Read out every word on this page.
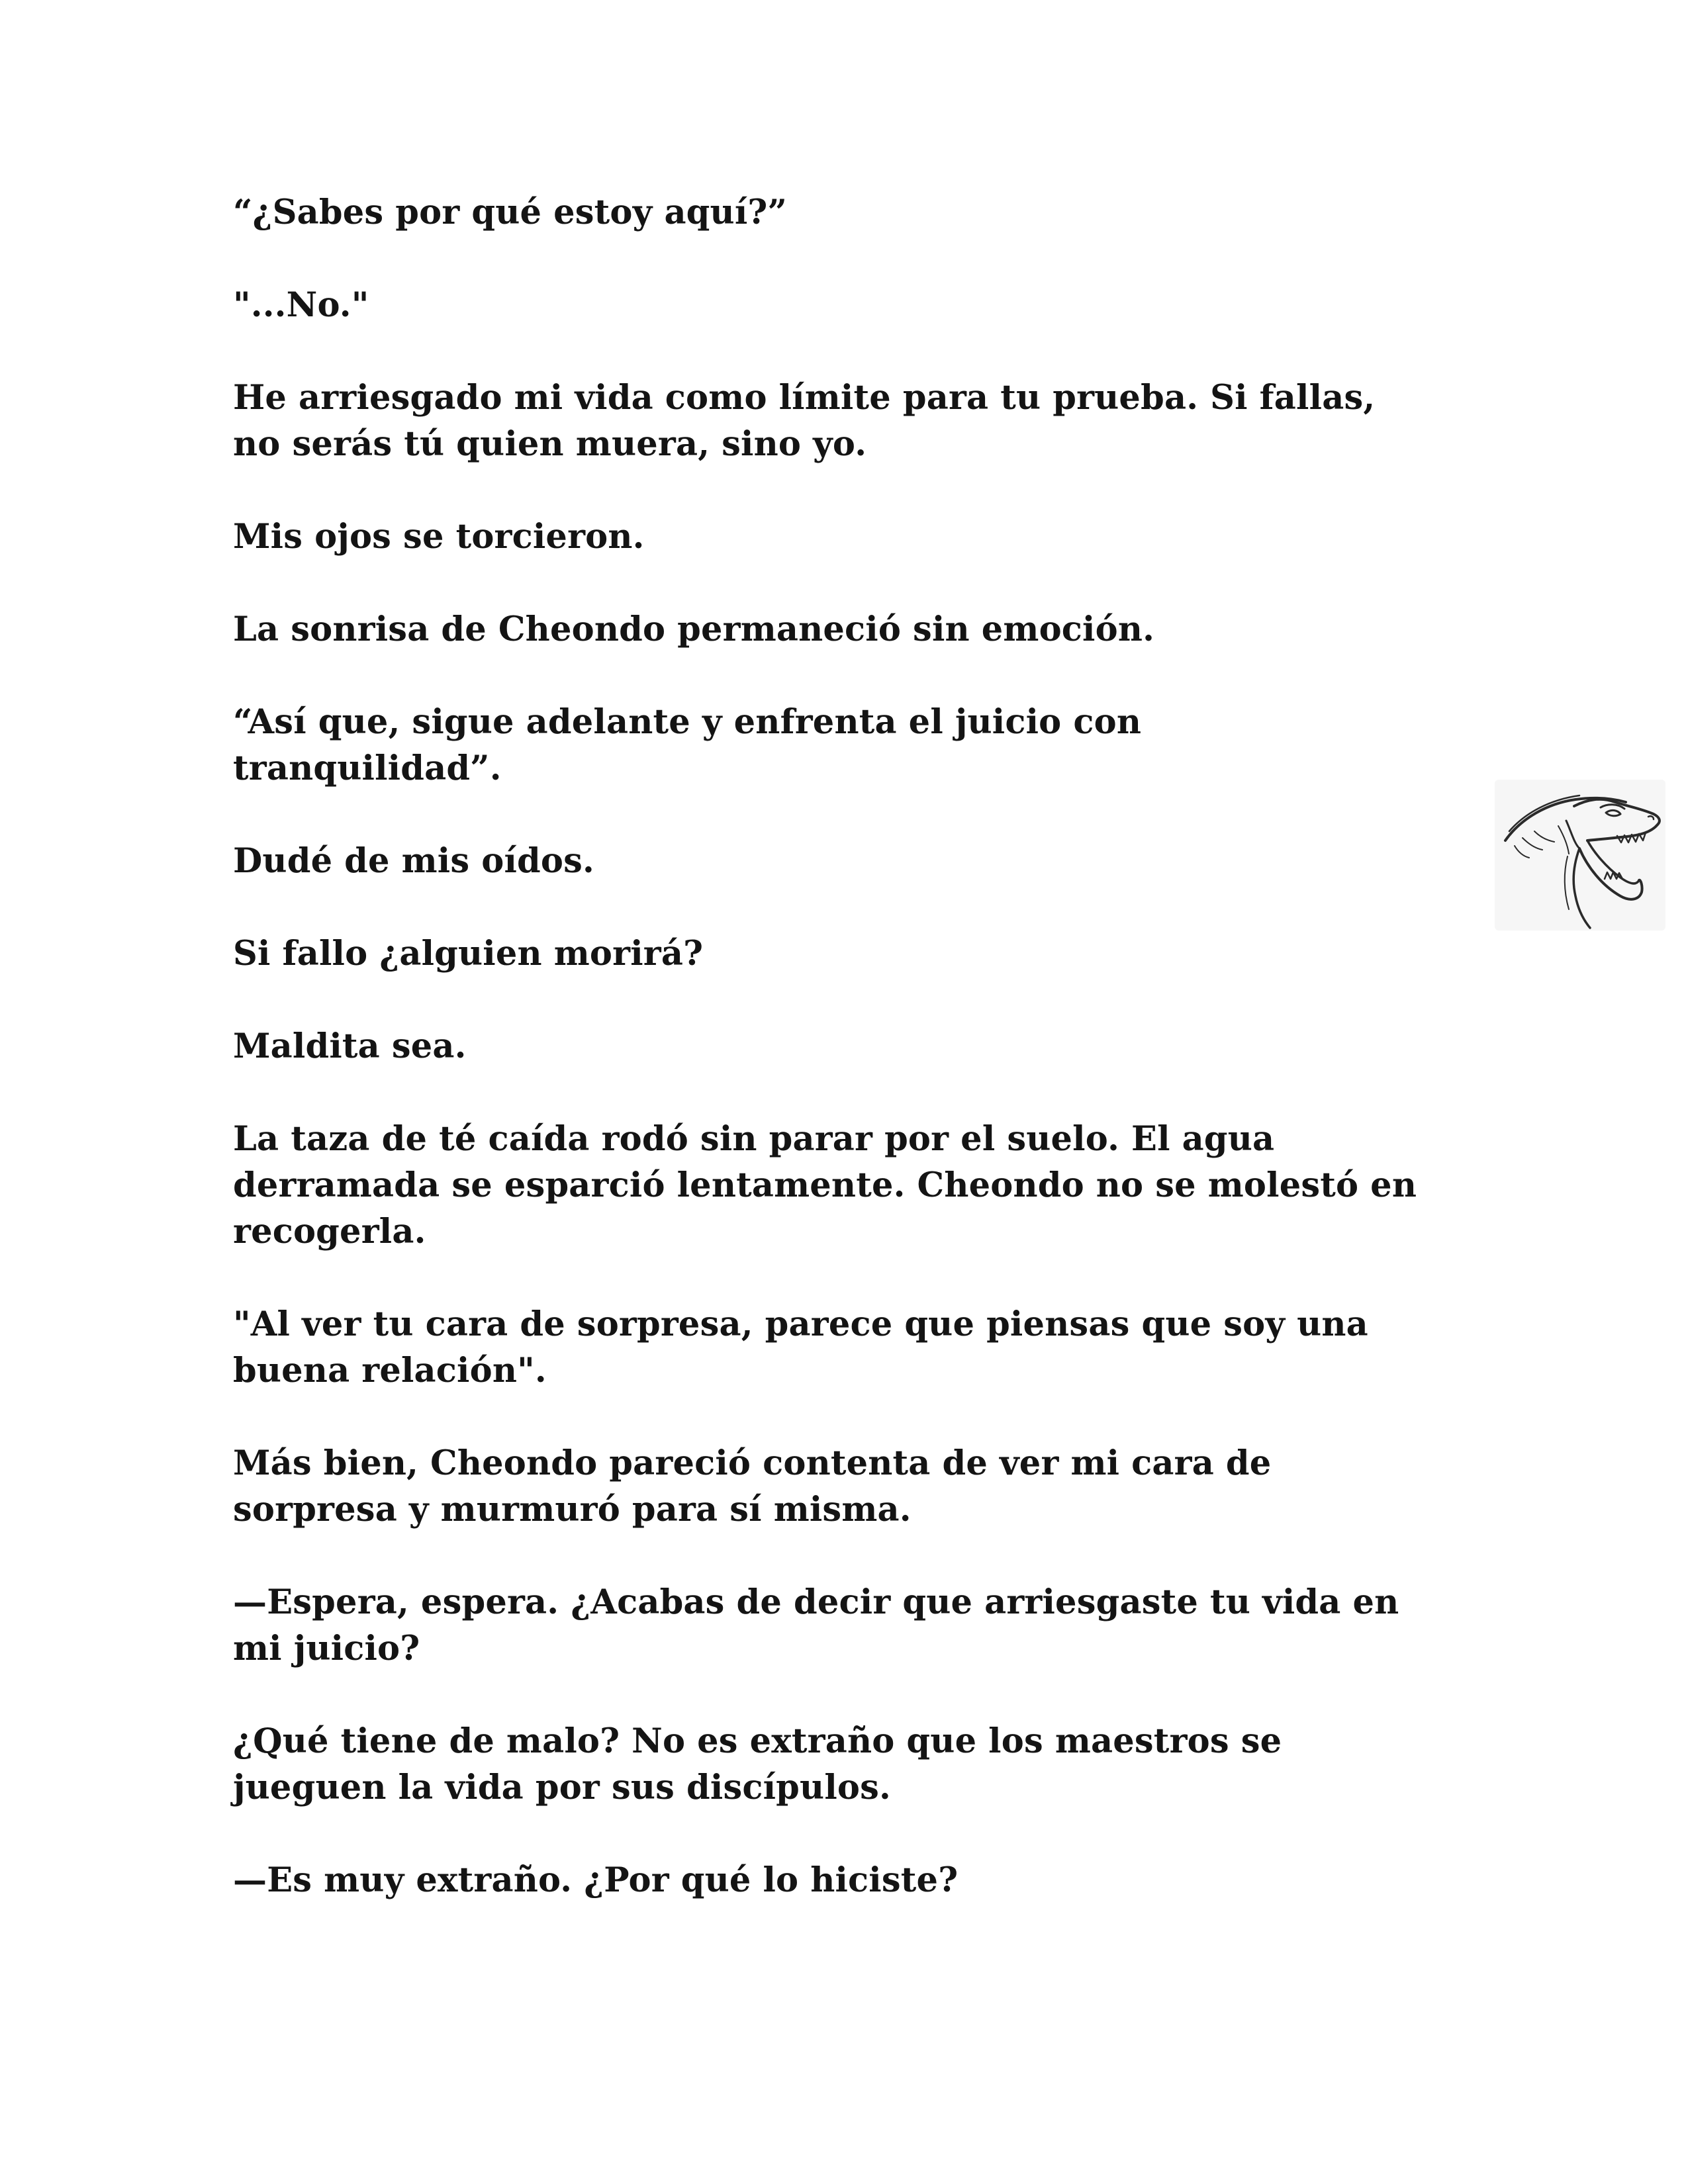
“¿Sabes por qué estoy aquí?”

"...No."

He arriesgado mi vida como límite para tu prueba. Si fallas,
no serás tú quien muera, sino yo.

Mis ojos se torcieron.

La sonrisa de Cheondo permaneció sin emoción.

“Así que, sigue adelante y enfrenta el juicio con
tranquilidad”.

Dudé de mis oídos.

Si fallo ¿alguien morirá?

Maldita sea.

La taza de té caída rodó sin parar por el suelo. El agua
derramada se esparció lentamente. Cheondo no se molestó en
recogerla.

"Al ver tu cara de sorpresa, parece que piensas que soy una
buena relación".

Más bien, Cheondo pareció contenta de ver mi cara de
sorpresa y murmuró para sí misma.

—Espera, espera. ¿Acabas de decir que arriesgaste tu vida en
mi juicio?

¿Qué tiene de malo? No es extraño que los maestros se
jueguen la vida por sus discípulos.

—Es muy extraño. ¿Por qué lo hiciste?
